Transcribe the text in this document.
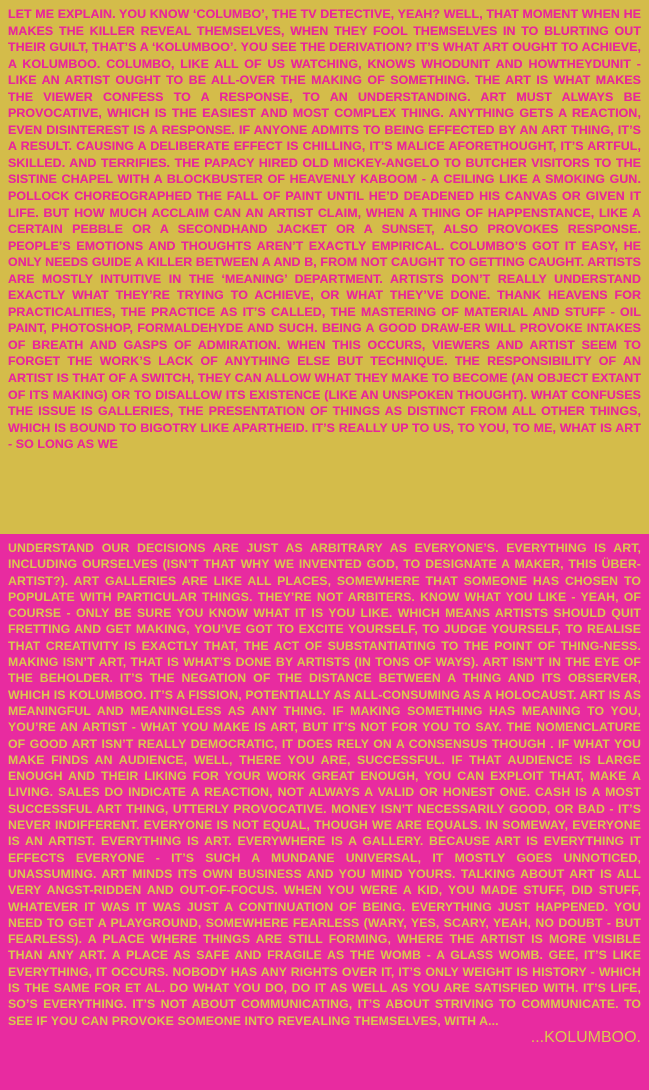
LET ME EXPLAIN. YOU KNOW ‘COLUMBO’, THE TV DETECTIVE, YEAH? WELL, THAT MOMENT WHEN HE MAKES THE KILLER REVEAL THEMSELVES, WHEN THEY FOOL THEMSELVES IN TO BLURTING OUT THEIR GUILT, THAT’S A ‘KOLUMBOO’. YOU SEE THE DERIVATION? IT’S WHAT ART OUGHT TO ACHIEVE, A KOLUMBOO. COLUMBO, LIKE ALL OF US WATCHING, KNOWS WHODUNIT AND HOWTHEYDUNIT - LIKE AN ARTIST OUGHT TO BE ALL-OVER THE MAKING OF SOMETHING. THE ART IS WHAT MAKES THE VIEWER CONFESS TO A RESPONSE, TO AN UNDERSTANDING. ART MUST ALWAYS BE PROVOCATIVE, WHICH IS THE EASIEST AND MOST COMPLEX THING. ANYTHING GETS A REACTION, EVEN DISINTEREST IS A RESPONSE. IF ANYONE ADMITS TO BEING EFFECTED BY AN ART THING, IT’S A RESULT. CAUSING A DELIBERATE EFFECT IS CHILLING, IT’S MALICE AFORETHOUGHT, IT’S ARTFUL, SKILLED. AND TERRIFIES. THE PAPACY HIRED OLD MICKEY-ANGELO TO BUTCHER VISITORS TO THE SISTINE CHAPEL WITH A BLOCKBUSTER OF HEAVENLY KABOOM - A CEILING LIKE A SMOKING GUN. POLLOCK CHOREOGRAPHED THE FALL OF PAINT UNTIL HE’D DEADENED HIS CANVAS OR GIVEN IT LIFE. BUT HOW MUCH ACCLAIM CAN AN ARTIST CLAIM, WHEN A THING OF HAPPENSTANCE, LIKE A CERTAIN PEBBLE OR A SECONDHAND JACKET OR A SUNSET, ALSO PROVOKES RESPONSE. PEOPLE’S EMOTIONS AND THOUGHTS AREN’T EXACTLY EMPIRICAL. COLUMBO’S GOT IT EASY, HE ONLY NEEDS GUIDE A KILLER BETWEEN A AND B, FROM NOT CAUGHT TO GETTING CAUGHT. ARTISTS ARE MOSTLY INTUITIVE IN THE ‘MEANING’ DEPARTMENT. ARTISTS DON’T REALLY UNDERSTAND EXACTLY WHAT THEY’RE TRYING TO ACHIEVE, OR WHAT THEY’VE DONE. THANK HEAVENS FOR PRACTICALITIES, THE PRACTICE AS IT’S CALLED, THE MASTERING OF MATERIAL AND STUFF - OIL PAINT, PHOTOSHOP, FORMALDEHYDE AND SUCH. BEING A GOOD DRAW-ER WILL PROVOKE INTAKES OF BREATH AND GASPS OF ADMIRATION. WHEN THIS OCCURS, VIEWERS AND ARTIST SEEM TO FORGET THE WORK’S LACK OF ANYTHING ELSE BUT TECHNIQUE. THE RESPONSIBILITY OF AN ARTIST IS THAT OF A SWITCH, THEY CAN ALLOW WHAT THEY MAKE TO BECOME (AN OBJECT EXTANT OF ITS MAKING) OR TO DISALLOW ITS EXISTENCE (LIKE AN UNSPOKEN THOUGHT). WHAT CONFUSES THE ISSUE IS GALLERIES, THE PRESENTATION OF THINGS AS DISTINCT FROM ALL OTHER THINGS, WHICH IS BOUND TO BIGOTRY LIKE APARTHEID. IT’S REALLY UP TO US, TO YOU, TO ME, WHAT IS ART - SO LONG AS WE

UNDERSTAND OUR DECISIONS ARE JUST AS ARBITRARY AS EVERYONE’S. EVERYTHING IS ART, INCLUDING OURSELVES (ISN’T THAT WHY WE INVENTED GOD, TO DESIGNATE A MAKER, THIS ÜBER-ARTIST?). ART GALLERIES ARE LIKE ALL PLACES, SOMEWHERE THAT SOMEONE HAS CHOSEN TO POPULATE WITH PARTICULAR THINGS. THEY’RE NOT ARBITERS. KNOW WHAT YOU LIKE - YEAH, OF COURSE - ONLY BE SURE YOU KNOW WHAT IT IS YOU LIKE. WHICH MEANS ARTISTS SHOULD QUIT FRETTING AND GET MAKING, YOU’VE GOT TO EXCITE YOURSELF, TO JUDGE YOURSELF, TO REALISE THAT CREATIVITY IS EXACTLY THAT, THE ACT OF SUBSTANTIATING TO THE POINT OF THING-NESS. MAKING ISN’T ART, THAT IS WHAT’S DONE BY ARTISTS (IN TONS OF WAYS). ART ISN’T IN THE EYE OF THE BEHOLDER. IT’S THE NEGATION OF THE DISTANCE BETWEEN A THING AND ITS OBSERVER, WHICH IS KOLUMBOO. IT’S A FISSION, POTENTIALLY AS ALL-CONSUMING AS A HOLOCAUST. ART IS AS MEANINGFUL AND MEANINGLESS AS ANY THING. IF MAKING SOMETHING HAS MEANING TO YOU, YOU’RE AN ARTIST - WHAT YOU MAKE IS ART, BUT IT’S NOT FOR YOU TO SAY. THE NOMENCLATURE OF GOOD ART ISN’T REALLY DEMOCRATIC, IT DOES RELY ON A CONSENSUS THOUGH . IF WHAT YOU MAKE FINDS AN AUDIENCE, WELL, THERE YOU ARE, SUCCESSFUL. IF THAT AUDIENCE IS LARGE ENOUGH AND THEIR LIKING FOR YOUR WORK GREAT ENOUGH, YOU CAN EXPLOIT THAT, MAKE A LIVING. SALES DO INDICATE A REACTION, NOT ALWAYS A VALID OR HONEST ONE. CASH IS A MOST SUCCESSFUL ART THING, UTTERLY PROVOCATIVE. MONEY ISN’T NECESSARILY GOOD, OR BAD - IT’S NEVER INDIFFERENT. EVERYONE IS NOT EQUAL, THOUGH WE ARE EQUALS. IN SOMEWAY, EVERYONE IS AN ARTIST. EVERYTHING IS ART. EVERYWHERE IS A GALLERY. BECAUSE ART IS EVERYTHING IT EFFECTS EVERYONE - IT’S SUCH A MUNDANE UNIVERSAL, IT MOSTLY GOES UNNOTICED, UNASSUMING. ART MINDS ITS OWN BUSINESS AND YOU MIND YOURS. TALKING ABOUT ART IS ALL VERY ANGST-RIDDEN AND OUT-OF-FOCUS. WHEN YOU WERE A KID, YOU MADE STUFF, DID STUFF, WHATEVER IT WAS IT WAS JUST A CONTINUATION OF BEING. EVERYTHING JUST HAPPENED. YOU NEED TO GET A PLAYGROUND, SOMEWHERE FEARLESS (WARY, YES, SCARY, YEAH, NO DOUBT - BUT FEARLESS). A PLACE WHERE THINGS ARE STILL FORMING, WHERE THE ARTIST IS MORE VISIBLE THAN ANY ART. A PLACE AS SAFE AND FRAGILE AS THE WOMB - A GLASS WOMB. GEE, IT’S LIKE EVERYTHING, IT OCCURS. NOBODY HAS ANY RIGHTS OVER IT, IT’S ONLY WEIGHT IS HISTORY - WHICH IS THE SAME FOR ET AL. DO WHAT YOU DO, DO IT AS WELL AS YOU ARE SATISFIED WITH. IT’S LIFE, SO’S EVERYTHING. IT’S NOT ABOUT COMMUNICATING, IT’S ABOUT STRIVING TO COMMUNICATE. TO SEE IF YOU CAN PROVOKE SOMEONE INTO REVEALING THEMSELVES, WITH A...

...KOLUMBOO.
